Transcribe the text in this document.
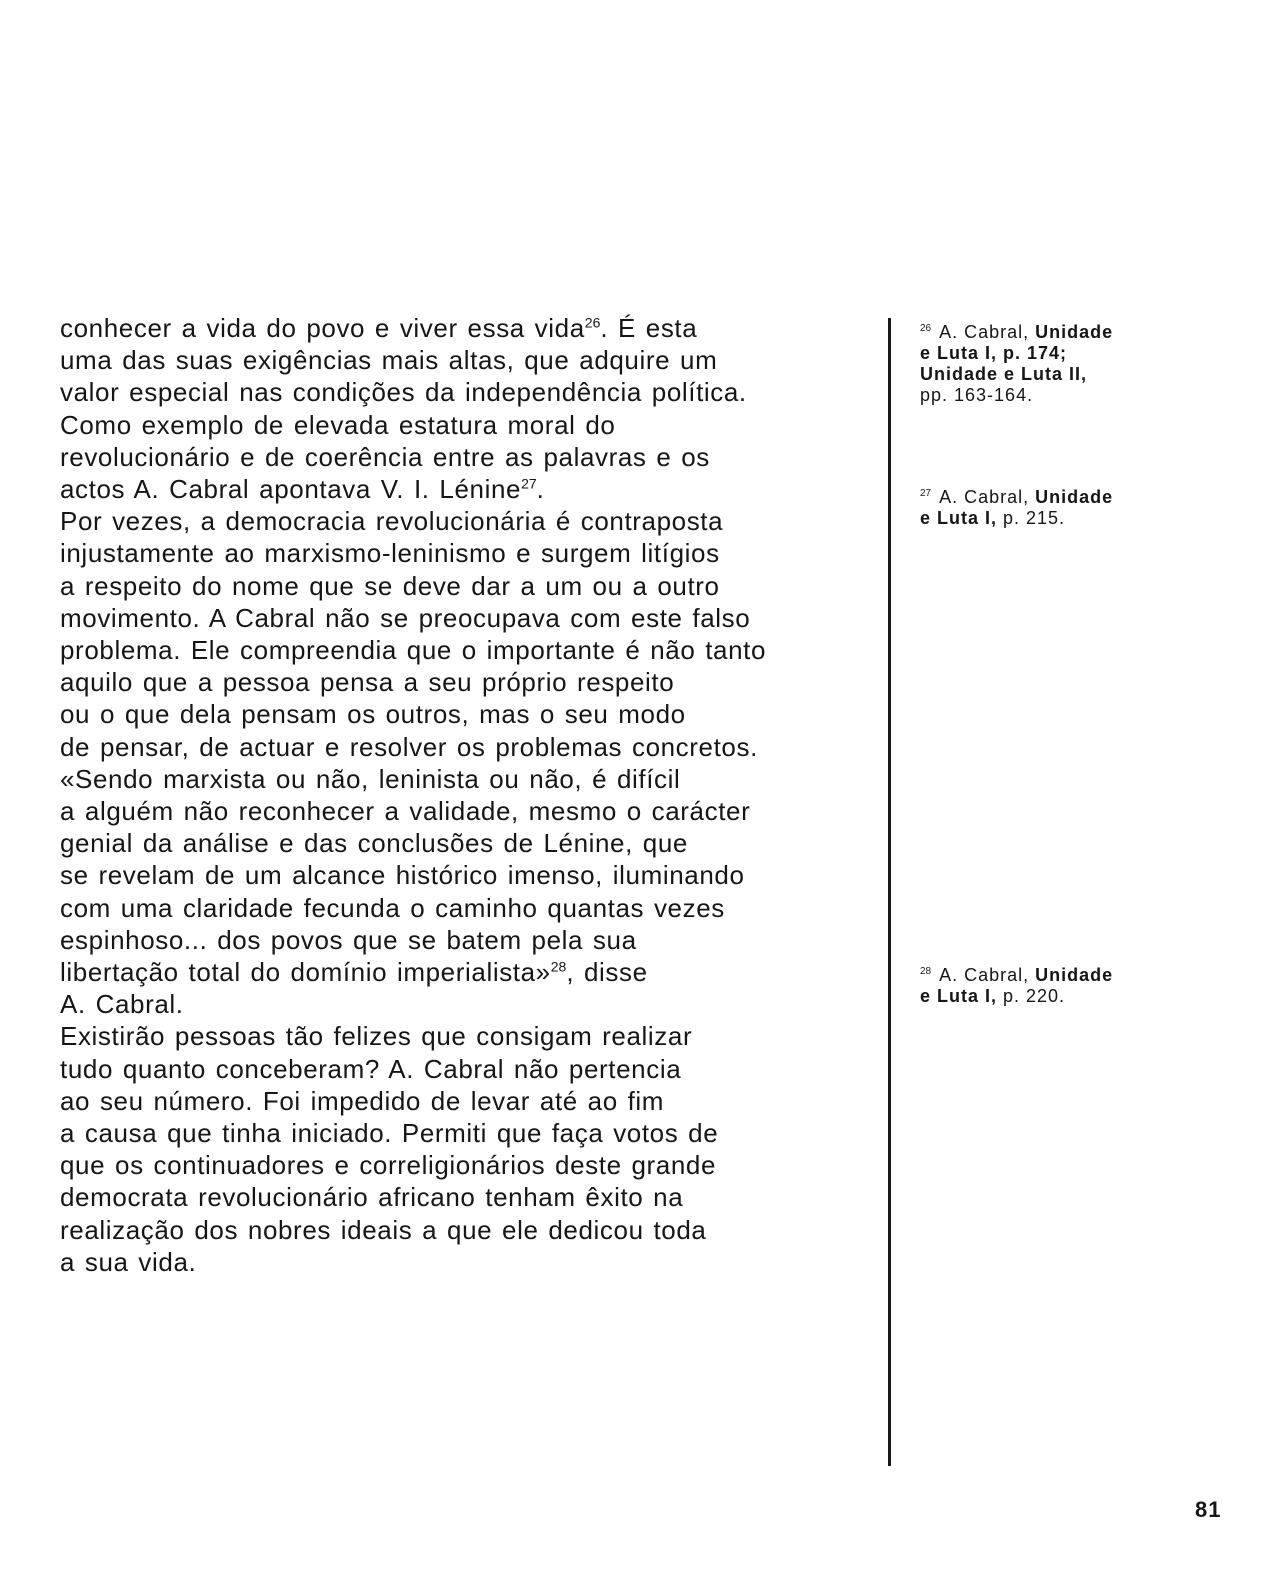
conhecer a vida do povo e viver essa vida$^{26}$. É esta
uma das suas exigências mais altas, que adquire um
valor especial nas condições da independência política.
Como exemplo de elevada estatura moral do
revolucionário e de coerência entre as palavras e os
actos A. Cabral apontava V. I. Lénine$^{27}$.
Por vezes, a democracia revolucionária é contraposta
injustamente ao marxismo-leninismo e surgem litígios
a respeito do nome que se deve dar a um ou a outro
movimento. A Cabral não se preocupava com este falso
problema. Ele compreendia que o importante é não tanto
aquilo que a pessoa pensa a seu próprio respeito
ou o que dela pensam os outros, mas o seu modo
de pensar, de actuar e resolver os problemas concretos.
«Sendo marxista ou não, leninista ou não, é difícil
a alguém não reconhecer a validade, mesmo o carácter
genial da análise e das conclusões de Lénine, que
se revelam de um alcance histórico imenso, iluminando
com uma claridade fecunda o caminho quantas vezes
espinhoso... dos povos que se batem pela sua
libertação total do domínio imperialista»$^{28}$, disse
A. Cabral.
Existirão pessoas tão felizes que consigam realizar
tudo quanto conceberam? A. Cabral não pertencia
ao seu número. Foi impedido de levar até ao fim
a causa que tinha iniciado. Permiti que faça votos de
que os continuadores e correligionários deste grande
democrata revolucionário africano tenham êxito na
realização dos nobres ideais a que ele dedicou toda
a sua vida.
$^{26}$ A. Cabral, Unidade
e Luta I, p. 174;
Unidade e Luta II,
pp. 163-164.
$^{27}$ A. Cabral, Unidade
e Luta I, p. 215.
$^{28}$ A. Cabral, Unidade
e Luta I, p. 220.
81
